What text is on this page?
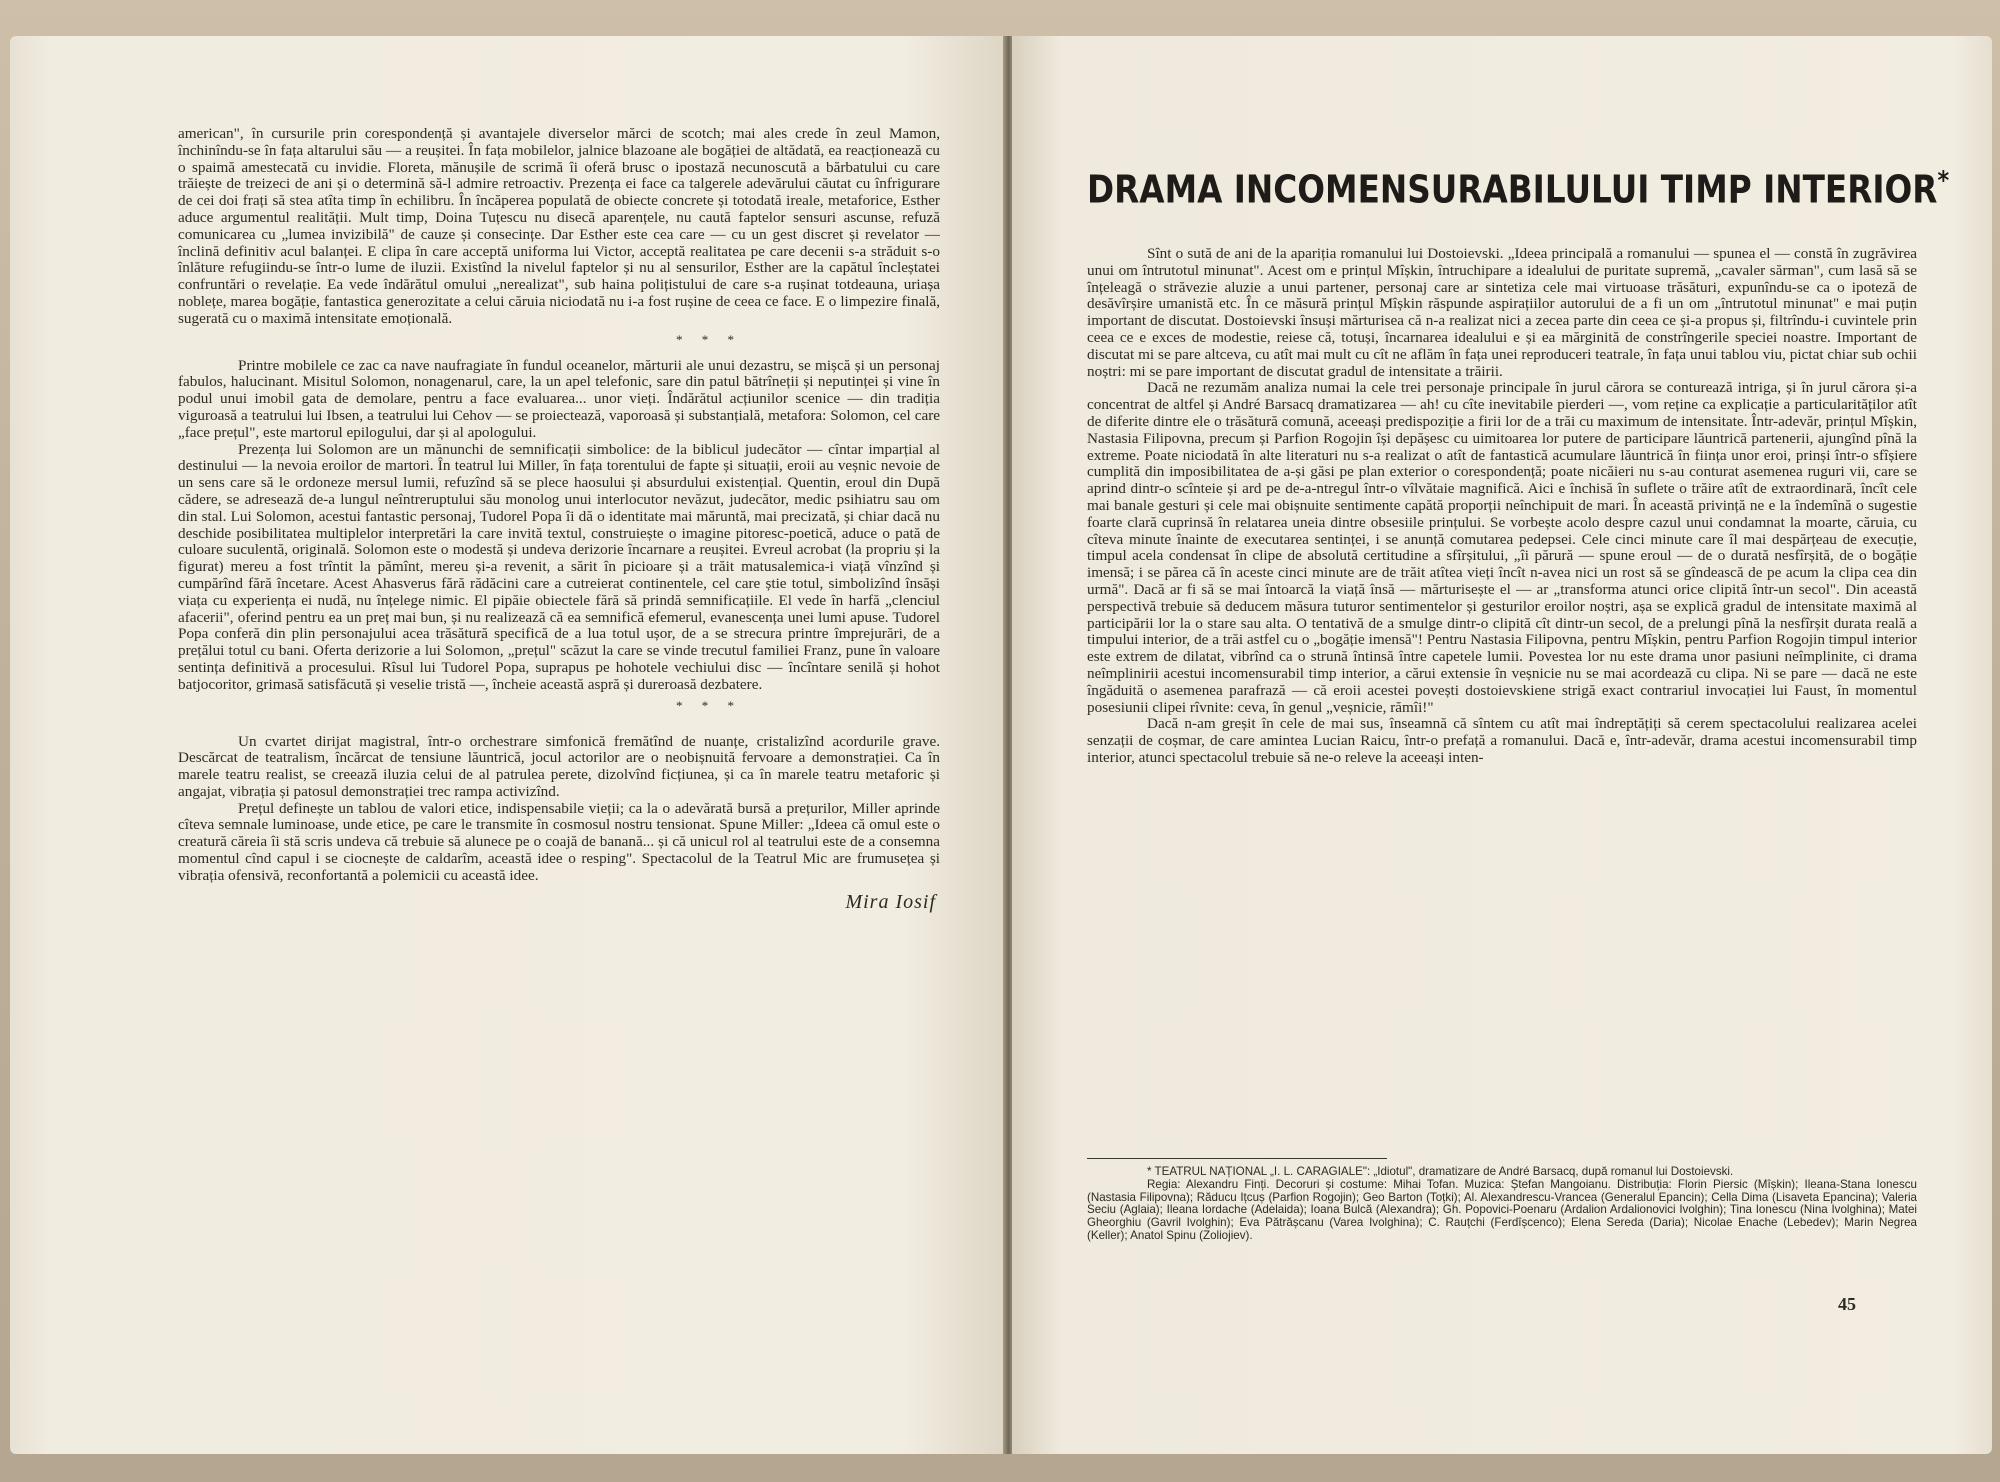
american", în cursurile prin corespondență și avantajele diverselor mărci de scotch; mai ales crede în zeul Mamon, închinîndu-se în fața altarului său — a reușitei. În fața mobilelor, jalnice blazoane ale bogăției de altădată, ea reacționează cu o spaimă amestecată cu invidie. Floreta, mănușile de scrimă îi oferă brusc o ipostază necunoscută a bărbatului cu care trăiește de treizeci de ani și o determină să-l admire retroactiv. Prezența ei face ca talgerele adevărului căutat cu înfrigurare de cei doi frați să stea atîta timp în echilibru. În încăperea populată de obiecte concrete și totodată ireale, metaforice, Esther aduce argumentul realității. Mult timp, Doina Tuțescu nu disecă aparențele, nu caută faptelor sensuri ascunse, refuză comunicarea cu „lumea invizibilă" de cauze și consecințe. Dar Esther este cea care — cu un gest discret și revelator — înclină definitiv acul balanței. E clipa în care acceptă uniforma lui Victor, acceptă realitatea pe care decenii s-a străduit s-o înlăture refugiindu-se într-o lume de iluzii. Existînd la nivelul faptelor și nu al sensurilor, Esther are la capătul încleștatei confruntări o revelație. Ea vede îndărătul omului „nerealizat", sub haina polițistului de care s-a rușinat totdeauna, uriașa noblețe, marea bogăție, fantastica generozitate a celui căruia niciodată nu i-a fost rușine de ceea ce face. E o limpezire finală, sugerată cu o maximă intensitate emoțională.

* * *

Printre mobilele ce zac ca nave naufragiate în fundul oceanelor, mărturii ale unui dezastru, se mișcă și un personaj fabulos, halucinant. Misitul Solomon, nonagenarul, care, la un apel telefonic, sare din patul bătrîneții și neputinței și vine în podul unui imobil gata de demolare, pentru a face evaluarea... unor vieți. Îndărătul acțiunilor scenice — din tradiția viguroasă a teatrului lui Ibsen, a teatrului lui Cehov — se proiectează, vaporoasă și substanțială, metafora: Solomon, cel care „face prețul", este martorul epilogului, dar și al apologului.

Prezența lui Solomon are un mănunchi de semnificații simbolice: de la biblicul judecător — cîntar imparțial al destinului — la nevoia eroilor de martori. În teatrul lui Miller, în fața torentului de fapte și situații, eroii au veșnic nevoie de un sens care să le ordoneze mersul lumii, refuzînd să se plece haosului și absurdului existențial. Quentin, eroul din După cădere, se adresează de-a lungul neîntreruptului său monolog unui interlocutor nevăzut, judecător, medic psihiatru sau om din stal. Lui Solomon, acestui fantastic personaj, Tudorel Popa îi dă o identitate mai măruntă, mai precizată, și chiar dacă nu deschide posibilitatea multiplelor interpretări la care invită textul, construiește o imagine pitoresc-poetică, aduce o pată de culoare suculentă, originală. Solomon este o modestă și undeva derizorie încarnare a reușitei. Evreul acrobat (la propriu și la figurat) mereu a fost trîntit la pămînt, mereu și-a revenit, a sărit în picioare și a trăit matusalemica-i viață vînzînd și cumpărînd fără încetare. Acest Ahasverus fără rădăcini care a cutreierat continentele, cel care știe totul, simbolizînd însăși viața cu experiența ei nudă, nu înțelege nimic. El pipăie obiectele fără să prindă semnificațiile. El vede în harfă „clenciul afacerii", oferind pentru ea un preț mai bun, și nu realizează că ea semnifică efemerul, evanescența unei lumi apuse. Tudorel Popa conferă din plin personajului acea trăsătură specifică de a lua totul ușor, de a se strecura printre împrejurări, de a prețălui totul cu bani. Oferta derizorie a lui Solomon, „prețul" scăzut la care se vinde trecutul familiei Franz, pune în valoare sentința definitivă a procesului. Rîsul lui Tudorel Popa, suprapus pe hohotele vechiului disc — încîntare senilă și hohot batjocoritor, grimasă satisfăcută și veselie tristă —, încheie această aspră și dureroasă dezbatere.

* * *

Un cvartet dirijat magistral, într-o orchestrare simfonică fremătînd de nuanțe, cristalizînd acordurile grave. Descărcat de teatralism, încărcat de tensiune lăuntrică, jocul actorilor are o neobișnuită fervoare a demonstrației. Ca în marele teatru realist, se creează iluzia celui de al patrulea perete, dizolvînd ficțiunea, și ca în marele teatru metaforic și angajat, vibrația și patosul demonstrației trec rampa activizînd.

Prețul definește un tablou de valori etice, indispensabile vieții; ca la o adevărată bursă a prețurilor, Miller aprinde cîteva semnale luminoase, unde etice, pe care le transmite în cosmosul nostru tensionat. Spune Miller: „Ideea că omul este o creatură căreia îi stă scris undeva că trebuie să alunece pe o coajă de banană... și că unicul rol al teatrului este de a consemna momentul cînd capul i se ciocnește de caldarîm, această idee o resping". Spectacolul de la Teatrul Mic are frumusețea și vibrația ofensivă, reconfortantă a polemicii cu această idee.

Mira Iosif
DRAMA INCOMENSURABILULUI TIMP INTERIOR*

Sînt o sută de ani de la apariția romanului lui Dostoievski. „Ideea principală a romanului — spunea el — constă în zugrăvirea unui om întrutotul minunat". Acest om e prințul Mîșkin, întruchipare a idealului de puritate supremă, „cavaler sărman", cum lasă să se înțeleagă o străvezie aluzie a unui partener, personaj care ar sintetiza cele mai virtuoase trăsături, expunîndu-se ca o ipoteză de desăvîrșire umanistă etc. În ce măsură prințul Mîșkin răspunde aspirațiilor autorului de a fi un om „întrutotul minunat" e mai puțin important de discutat. Dostoievski însuși mărturisea că n-a realizat nici a zecea parte din ceea ce și-a propus și, filtrîndu-i cuvintele prin ceea ce e exces de modestie, reiese că, totuși, încarnarea idealului e și ea mărginită de constrîngerile speciei noastre. Important de discutat mi se pare altceva, cu atît mai mult cu cît ne aflăm în fața unei reproduceri teatrale, în fața unui tablou viu, pictat chiar sub ochii noștri: mi se pare important de discutat gradul de intensitate a trăirii.

Dacă ne rezumăm analiza numai la cele trei personaje principale în jurul cărora se conturează intriga, și în jurul cărora și-a concentrat de altfel și André Barsacq dramatizarea — ah! cu cîte inevitabile pierderi —, vom reține ca explicație a particularităților atît de diferite dintre ele o trăsătură comună, aceeași predispoziție a firii lor de a trăi cu maximum de intensitate. Într-adevăr, prințul Mîșkin, Nastasia Filipovna, precum și Parfion Rogojin își depășesc cu uimitoarea lor putere de participare lăuntrică partenerii, ajungînd pînă la extreme. Poate niciodată în alte literaturi nu s-a realizat o atît de fantastică acumulare lăuntrică în ființa unor eroi, prinși într-o sfîșiere cumplită din imposibilitatea de a-și găsi pe plan exterior o corespondență; poate nicăieri nu s-au conturat asemenea ruguri vii, care se aprind dintr-o scînteie și ard pe de-a-ntregul într-o vîlvătaie magnifică. Aici e închisă în suflete o trăire atît de extraordinară, încît cele mai banale gesturi și cele mai obișnuite sentimente capătă proporții neînchipuit de mari. În această privință ne e la îndemînă o sugestie foarte clară cuprinsă în relatarea uneia dintre obsesiile prințului. Se vorbește acolo despre cazul unui condamnat la moarte, căruia, cu cîteva minute înainte de executarea sentinței, i se anunță comutarea pedepsei. Cele cinci minute care îl mai despărțeau de execuție, timpul acela condensat în clipe de absolută certitudine a sfîrșitului, „îi părură — spune eroul — de o durată nesfîrșită, de o bogăție imensă; i se părea că în aceste cinci minute are de trăit atîtea vieți încît n-avea nici un rost să se gîndească de pe acum la clipa cea din urmă". Dacă ar fi să se mai întoarcă la viață însă — mărturisește el — ar „transforma atunci orice clipită într-un secol". Din această perspectivă trebuie să deducem măsura tuturor sentimentelor și gesturilor eroilor noștri, așa se explică gradul de intensitate maximă al participării lor la o stare sau alta. O tentativă de a smulge dintr-o clipită cît dintr-un secol, de a prelungi pînă la nesfîrșit durata reală a timpului interior, de a trăi astfel cu o „bogăție imensă"! Pentru Nastasia Filipovna, pentru Mîșkin, pentru Parfion Rogojin timpul interior este extrem de dilatat, vibrînd ca o strună întinsă între capetele lumii. Povestea lor nu este drama unor pasiuni neîmplinite, ci drama neîmplinirii acestui incomensurabil timp interior, a cărui extensie în veșnicie nu se mai acordează cu clipa. Ni se pare — dacă ne este îngăduită o asemenea parafrază — că eroii acestei povești dostoievskiene strigă exact contrariul invocației lui Faust, în momentul posesiunii clipei rîvnite: ceva, în genul „veșnicie, rămîi!"

Dacă n-am greșit în cele de mai sus, înseamnă că sîntem cu atît mai îndreptățiți să cerem spectacolului realizarea acelei senzații de coșmar, de care amintea Lucian Raicu, într-o prefață a romanului. Dacă e, într-adevăr, drama acestui incomensurabil timp interior, atunci spectacolul trebuie să ne-o releve la aceeași inten-

* TEATRUL NAȚIONAL „I. L. CARAGIALE": „Idiotul", dramatizare de André Barsacq, după romanul lui Dostoievski.

Regia: Alexandru Finți. Decoruri și costume: Mihai Tofan. Muzica: Ștefan Mangoianu. Distribuția: Florin Piersic (Mîșkin); Ileana-Stana Ionescu (Nastasia Filipovna); Răducu Ițcuș (Parfion Rogojin); Geo Barton (Toțki); Al. Alexandrescu-Vrancea (Generalul Epancin); Cella Dima (Lisaveta Epancina); Valeria Seciu (Aglaia); Ileana Iordache (Adelaida); Ioana Bulcă (Alexandra); Gh. Popovici-Poenaru (Ardalion Ardalionovici Ivolghin); Tina Ionescu (Nina Ivolghina); Matei Gheorghiu (Gavril Ivolghin); Eva Pătrășcanu (Varea Ivolghina); C. Rauțchi (Ferdîșcenco); Elena Sereda (Daria); Nicolae Enache (Lebedev); Marin Negrea (Keller); Anatol Spinu (Zoliojiev).

45
